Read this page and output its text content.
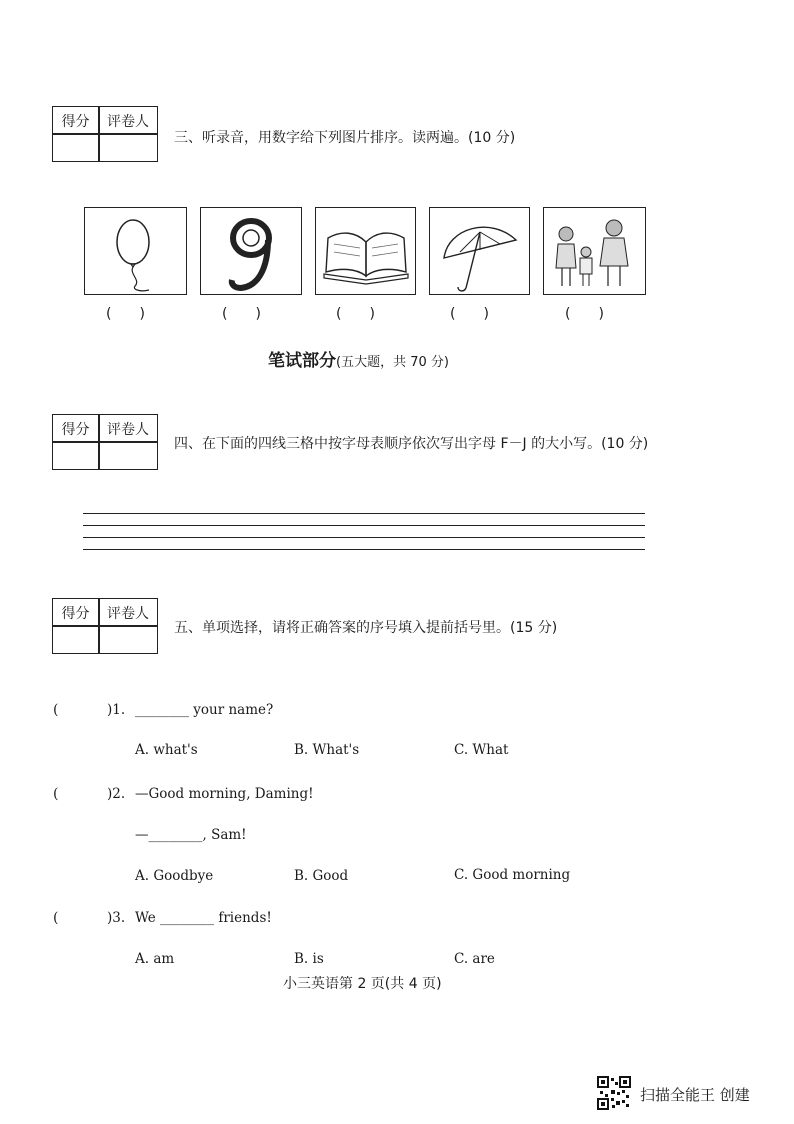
得分	评卷人
三、听录音，用数字给下列图片排序。读两遍。(10 分)
(　　)	(　　)	(　　)	(　　)	(　　)
笔试部分(五大题，共 70 分)
得分	评卷人
四、在下面的四线三格中按字母表顺序依次写出字母 F－J 的大小写。(10 分)
得分	评卷人
五、单项选择，请将正确答案的序号填入提前括号里。(15 分)
(	)1. ________ your name?
A. what's	B. What's	C. What
(	)2. —Good morning, Daming!
—________, Sam!
A. Goodbye	B. Good	C. Good morning
(	)3. We ________ friends!
A. am	B. is	C. are
小三英语第 2 页(共 4 页)
扫描全能王 创建
